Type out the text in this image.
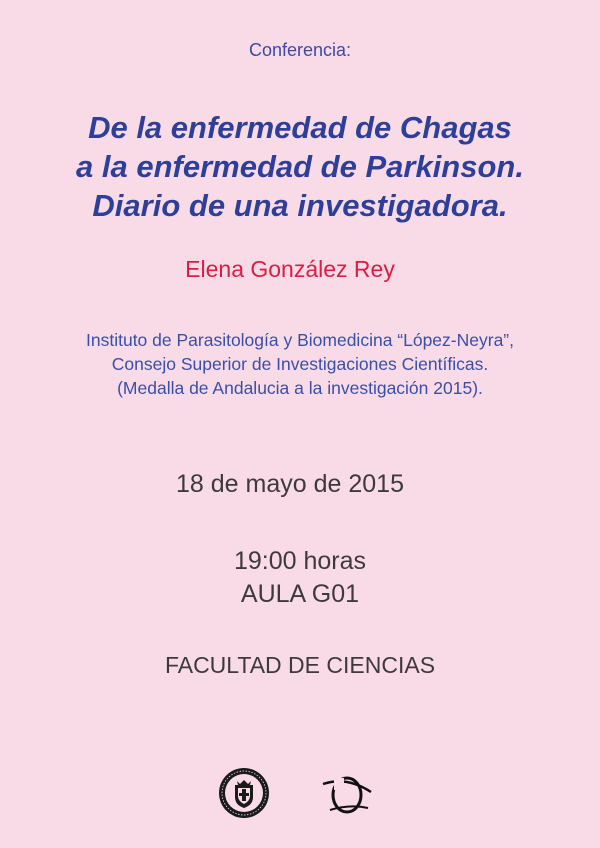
Conferencia:
De la enfermedad de Chagas
a la enfermedad de Parkinson.
Diario de una investigadora.
Elena González Rey
Instituto de Parasitología y Biomedicina “López-Neyra”,
Consejo Superior de Investigaciones Científicas.
(Medalla de Andalucia a la investigación 2015).
18 de mayo de 2015
19:00 horas
AULA G01
FACULTAD DE CIENCIAS
